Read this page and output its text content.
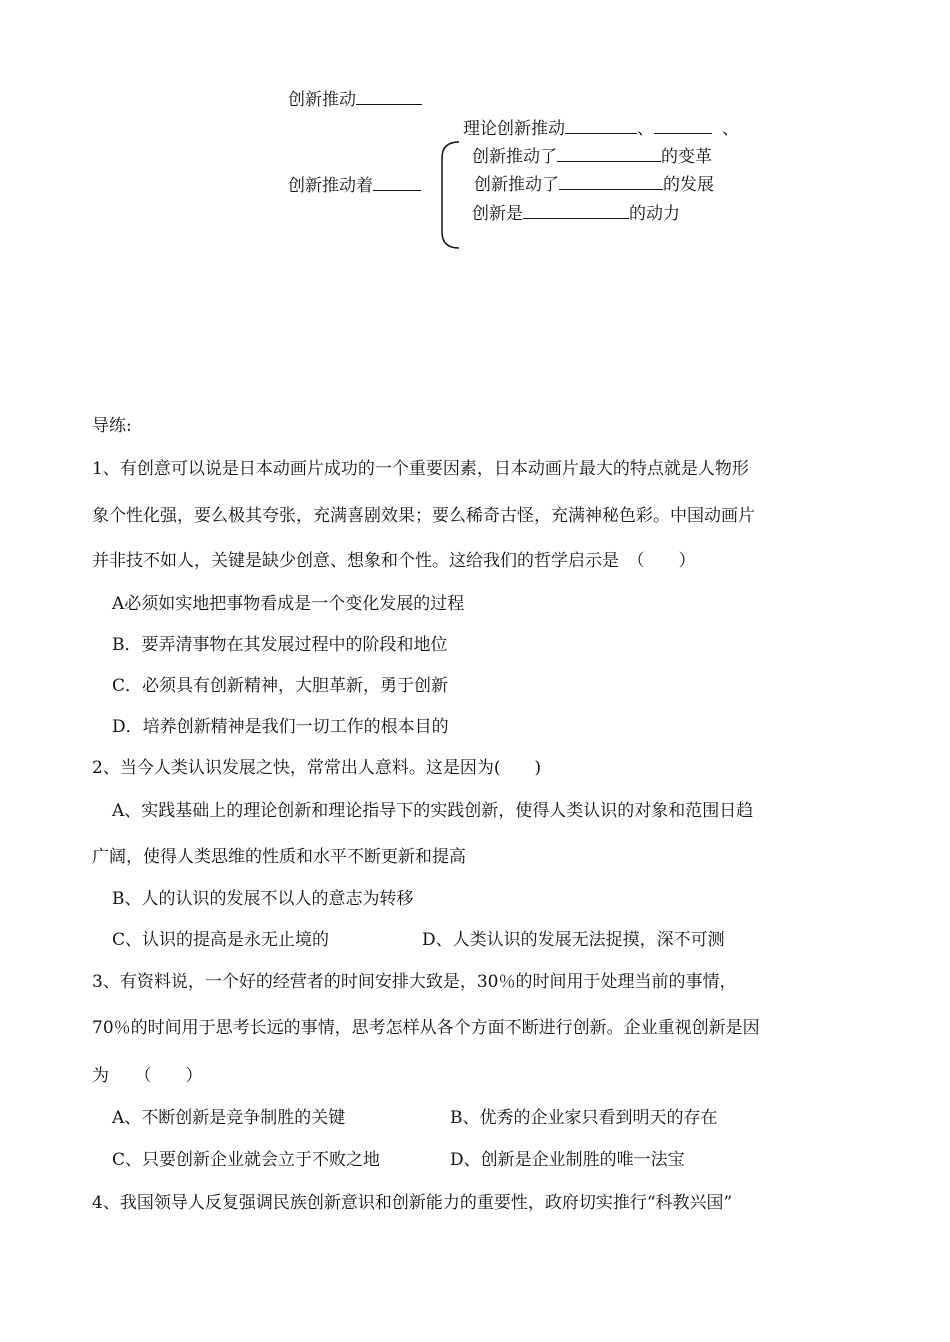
创新推动
创新推动着
理论创新推动	、	、
创新推动了	的变革
创新推动了	的发展
创新是	的动力
导练:
1、有创意可以说是日本动画片成功的一个重要因素，日本动画片最大的特点就是人物形
象个性化强，要么极其夸张，充满喜剧效果；要么稀奇古怪，充满神秘色彩。中国动画片
并非技不如人，关键是缺少创意、想象和个性。这给我们的哲学启示是　（　　）
A必须如实地把事物看成是一个变化发展的过程
B．要弄清事物在其发展过程中的阶段和地位
C．必须具有创新精神，大胆革新，勇于创新
D．培养创新精神是我们一切工作的根本目的
2、当今人类认识发展之快，常常出人意料。这是因为(　　)
A、实践基础上的理论创新和理论指导下的实践创新，使得人类认识的对象和范围日趋
广阔，使得人类思维的性质和水平不断更新和提高
B、人的认识的发展不以人的意志为转移
C、认识的提高是永无止境的	D、人类认识的发展无法捉摸，深不可测
3、有资料说，一个好的经营者的时间安排大致是，30％的时间用于处理当前的事情，
70％的时间用于思考长远的事情，思考怎样从各个方面不断进行创新。企业重视创新是因
为　　（　　）
A、不断创新是竞争制胜的关键	B、优秀的企业家只看到明天的存在
C、只要创新企业就会立于不败之地	D、创新是企业制胜的唯一法宝
4、我国领导人反复强调民族创新意识和创新能力的重要性，政府切实推行“科教兴国”
